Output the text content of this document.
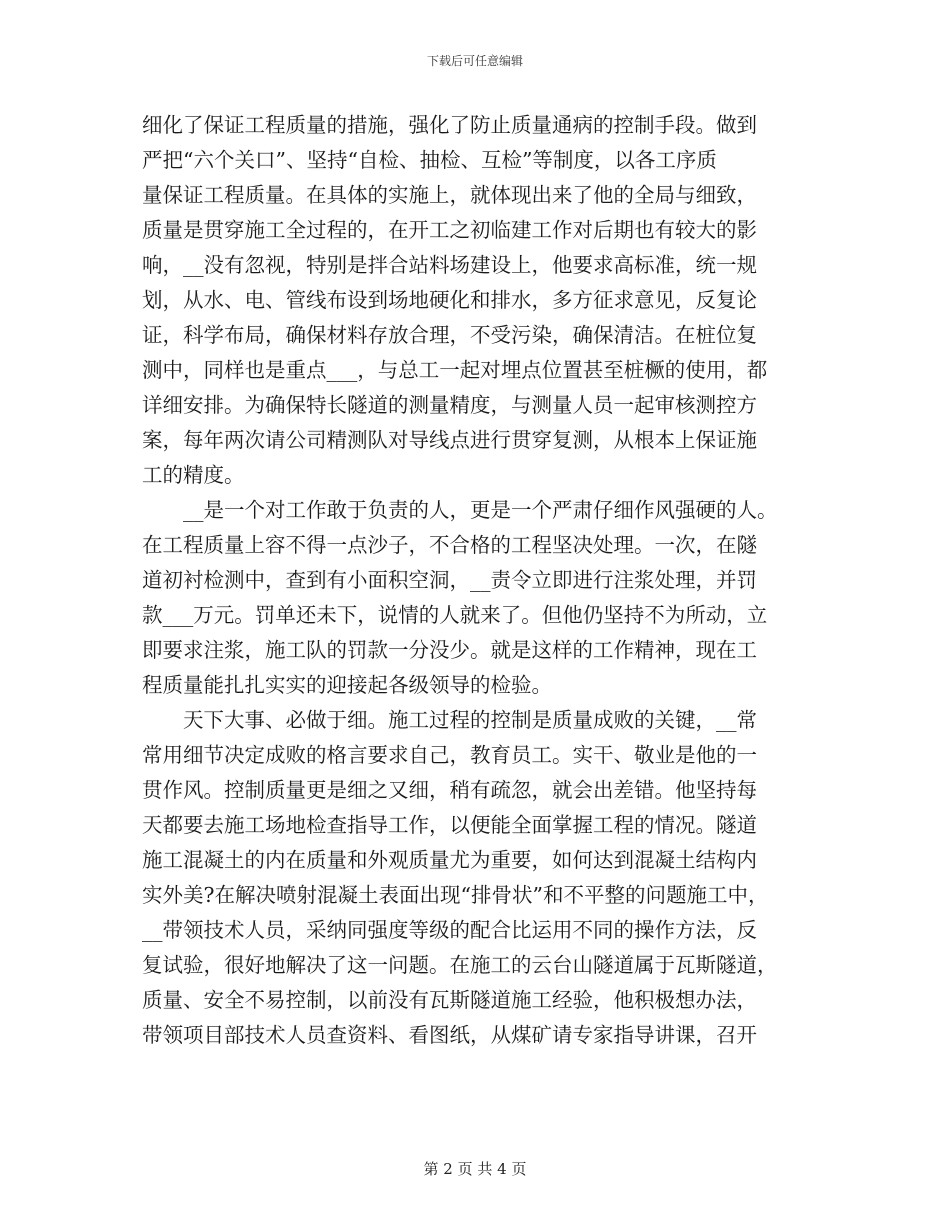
下载后可任意编辑
细化了保证工程质量的措施，强化了防止质量通病的控制手段。做到
严把“六个关口”、坚持“自检、抽检、互检”等制度，以各工序质
量保证工程质量。在具体的实施上，就体现出来了他的全局与细致，
质量是贯穿施工全过程的，在开工之初临建工作对后期也有较大的影
响，__没有忽视，特别是拌合站料场建设上，他要求高标准，统一规
划，从水、电、管线布设到场地硬化和排水，多方征求意见，反复论
证，科学布局，确保材料存放合理，不受污染，确保清洁。在桩位复
测中，同样也是重点___，与总工一起对埋点位置甚至桩橛的使用，都
详细安排。为确保特长隧道的测量精度，与测量人员一起审核测控方
案，每年两次请公司精测队对导线点进行贯穿复测，从根本上保证施
工的精度。
__是一个对工作敢于负责的人，更是一个严肃仔细作风强硬的人。
在工程质量上容不得一点沙子，不合格的工程坚决处理。一次，在隧
道初衬检测中，查到有小面积空洞，__责令立即进行注浆处理，并罚
款___万元。罚单还未下，说情的人就来了。但他仍坚持不为所动，立
即要求注浆，施工队的罚款一分没少。就是这样的工作精神，现在工
程质量能扎扎实实的迎接起各级领导的检验。
天下大事、必做于细。施工过程的控制是质量成败的关键，__常
常用细节决定成败的格言要求自己，教育员工。实干、敬业是他的一
贯作风。控制质量更是细之又细，稍有疏忽，就会出差错。他坚持每
天都要去施工场地检查指导工作，以便能全面掌握工程的情况。隧道
施工混凝土的内在质量和外观质量尤为重要，如何达到混凝土结构内
实外美?在解决喷射混凝土表面出现“排骨状”和不平整的问题施工中，
__带领技术人员，采纳同强度等级的配合比运用不同的操作方法，反
复试验，很好地解决了这一问题。在施工的云台山隧道属于瓦斯隧道，
质量、安全不易控制，以前没有瓦斯隧道施工经验，他积极想办法，
带领项目部技术人员查资料、看图纸，从煤矿请专家指导讲课，召开
第 2 页 共 4 页
